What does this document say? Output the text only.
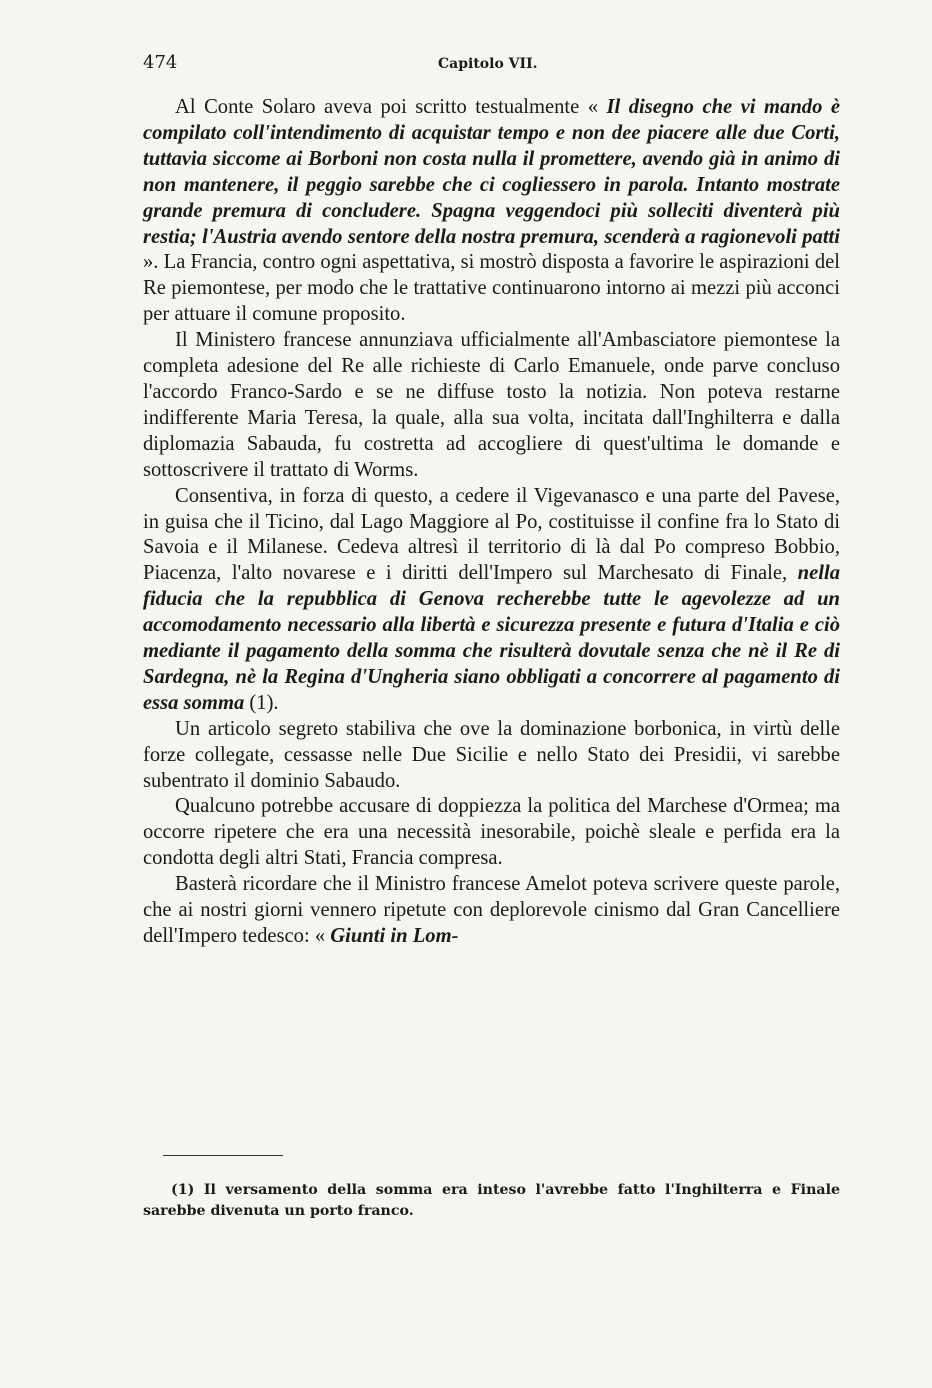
474	Capitolo VII.

Al Conte Solaro aveva poi scritto testualmente « Il disegno che vi mando è compilato coll'intendimento di acquistar tempo e non dee piacere alle due Corti, tuttavia siccome ai Borboni non costa nulla il promettere, avendo già in animo di non mantenere, il peggio sarebbe che ci cogliessero in parola. Intanto mostrate grande premura di concludere. Spagna veggendoci più solleciti diventerà più restia; l'Austria avendo sentore della nostra premura, scenderà a ragionevoli patti ». La Francia, contro ogni aspettativa, si mostrò disposta a favorire le aspirazioni del Re piemontese, per modo che le trattative continuarono intorno ai mezzi più acconci per attuare il comune proposito.

Il Ministero francese annunziava ufficialmente all'Ambasciatore piemontese la completa adesione del Re alle richieste di Carlo Emanuele, onde parve concluso l'accordo Franco-Sardo e se ne diffuse tosto la notizia. Non poteva restarne indifferente Maria Teresa, la quale, alla sua volta, incitata dall'Inghilterra e dalla diplomazia Sabauda, fu costretta ad accogliere di quest'ultima le domande e sottoscrivere il trattato di Worms.

Consentiva, in forza di questo, a cedere il Vigevanasco e una parte del Pavese, in guisa che il Ticino, dal Lago Maggiore al Po, costituisse il confine fra lo Stato di Savoia e il Milanese. Cedeva altresì il territorio di là dal Po compreso Bobbio, Piacenza, l'alto novarese e i diritti dell'Impero sul Marchesato di Finale, nella fiducia che la repubblica di Genova recherebbe tutte le agevolezze ad un accomodamento necessario alla libertà e sicurezza presente e futura d'Italia e ciò mediante il pagamento della somma che risulterà dovutale senza che nè il Re di Sardegna, nè la Regina d'Ungheria siano obbligati a concorrere al pagamento di essa somma (1).

Un articolo segreto stabiliva che ove la dominazione borbonica, in virtù delle forze collegate, cessasse nelle Due Sicilie e nello Stato dei Presidii, vi sarebbe subentrato il dominio Sabaudo.

Qualcuno potrebbe accusare di doppiezza la politica del Marchese d'Ormea; ma occorre ripetere che era una necessità inesorabile, poichè sleale e perfida era la condotta degli altri Stati, Francia compresa.

Basterà ricordare che il Ministro francese Amelot poteva scrivere queste parole, che ai nostri giorni vennero ripetute con deplorevole cinismo dal Gran Cancelliere dell'Impero tedesco: « Giunti in Lom-

(1) Il versamento della somma era inteso l'avrebbe fatto l'Inghilterra e Finale sarebbe divenuta un porto franco.
